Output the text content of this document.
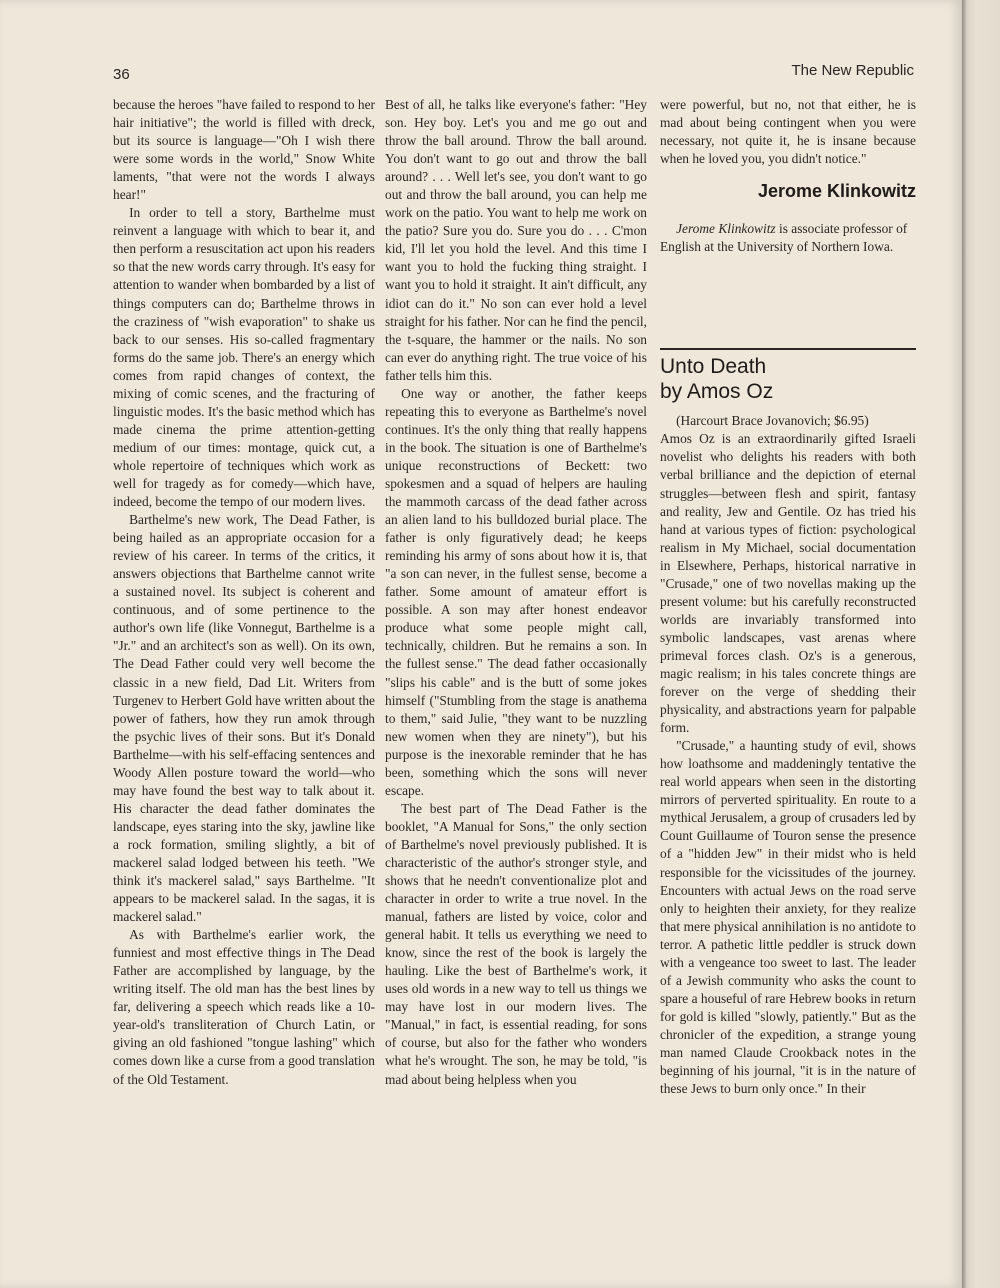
36	The New Republic

because the heroes "have failed to respond to her hair initiative"; the world is filled with dreck, but its source is language—"Oh I wish there were some words in the world," Snow White laments, "that were not the words I always hear!"

In order to tell a story, Barthelme must reinvent a language with which to bear it, and then perform a resuscitation act upon his readers so that the new words carry through. It's easy for attention to wander when bombarded by a list of things computers can do; Barthelme throws in the craziness of "wish evaporation" to shake us back to our senses. His so-called fragmentary forms do the same job. There's an energy which comes from rapid changes of context, the mixing of comic scenes, and the fracturing of linguistic modes. It's the basic method which has made cinema the prime attention-getting medium of our times: montage, quick cut, a whole repertoire of techniques which work as well for tragedy as for comedy—which have, indeed, become the tempo of our modern lives.

Barthelme's new work, The Dead Father, is being hailed as an appropriate occasion for a review of his career. In terms of the critics, it answers objections that Barthelme cannot write a sustained novel. Its subject is coherent and continuous, and of some pertinence to the author's own life (like Vonnegut, Barthelme is a "Jr." and an architect's son as well). On its own, The Dead Father could very well become the classic in a new field, Dad Lit. Writers from Turgenev to Herbert Gold have written about the power of fathers, how they run amok through the psychic lives of their sons. But it's Donald Barthelme—with his self-effacing sentences and Woody Allen posture toward the world—who may have found the best way to talk about it. His character the dead father dominates the landscape, eyes staring into the sky, jawline like a rock formation, smiling slightly, a bit of mackerel salad lodged between his teeth. "We think it's mackerel salad," says Barthelme. "It appears to be mackerel salad. In the sagas, it is mackerel salad."

As with Barthelme's earlier work, the funniest and most effective things in The Dead Father are accomplished by language, by the writing itself. The old man has the best lines by far, delivering a speech which reads like a 10-year-old's transliteration of Church Latin, or giving an old fashioned "tongue lashing" which comes down like a curse from a good translation of the Old Testament.

Best of all, he talks like everyone's father: "Hey son. Hey boy. Let's you and me go out and throw the ball around. Throw the ball around. You don't want to go out and throw the ball around? . . . Well let's see, you don't want to go out and throw the ball around, you can help me work on the patio. You want to help me work on the patio? Sure you do. Sure you do . . . C'mon kid, I'll let you hold the level. And this time I want you to hold the fucking thing straight. I want you to hold it straight. It ain't difficult, any idiot can do it." No son can ever hold a level straight for his father. Nor can he find the pencil, the t-square, the hammer or the nails. No son can ever do anything right. The true voice of his father tells him this.

One way or another, the father keeps repeating this to everyone as Barthelme's novel continues. It's the only thing that really happens in the book. The situation is one of Barthelme's unique reconstructions of Beckett: two spokesmen and a squad of helpers are hauling the mammoth carcass of the dead father across an alien land to his bulldozed burial place. The father is only figuratively dead; he keeps reminding his army of sons about how it is, that "a son can never, in the fullest sense, become a father. Some amount of amateur effort is possible. A son may after honest endeavor produce what some people might call, technically, children. But he remains a son. In the fullest sense." The dead father occasionally "slips his cable" and is the butt of some jokes himself ("Stumbling from the stage is anathema to them," said Julie, "they want to be nuzzling new women when they are ninety"), but his purpose is the inexorable reminder that he has been, something which the sons will never escape.

The best part of The Dead Father is the booklet, "A Manual for Sons," the only section of Barthelme's novel previously published. It is characteristic of the author's stronger style, and shows that he needn't conventionalize plot and character in order to write a true novel. In the manual, fathers are listed by voice, color and general habit. It tells us everything we need to know, since the rest of the book is largely the hauling. Like the best of Barthelme's work, it uses old words in a new way to tell us things we may have lost in our modern lives. The "Manual," in fact, is essential reading, for sons of course, but also for the father who wonders what he's wrought. The son, he may be told, "is mad about being helpless when you

were powerful, but no, not that either, he is mad about being contingent when you were necessary, not quite it, he is insane because when he loved you, you didn't notice."

Jerome Klinkowitz

Jerome Klinkowitz is associate professor of English at the University of Northern Iowa.

Unto Death
by Amos Oz

(Harcourt Brace Jovanovich; $6.95)

Amos Oz is an extraordinarily gifted Israeli novelist who delights his readers with both verbal brilliance and the depiction of eternal struggles—between flesh and spirit, fantasy and reality, Jew and Gentile. Oz has tried his hand at various types of fiction: psychological realism in My Michael, social documentation in Elsewhere, Perhaps, historical narrative in "Crusade," one of two novellas making up the present volume: but his carefully reconstructed worlds are invariably transformed into symbolic landscapes, vast arenas where primeval forces clash. Oz's is a generous, magic realism; in his tales concrete things are forever on the verge of shedding their physicality, and abstractions yearn for palpable form.

"Crusade," a haunting study of evil, shows how loathsome and maddeningly tentative the real world appears when seen in the distorting mirrors of perverted spirituality. En route to a mythical Jerusalem, a group of crusaders led by Count Guillaume of Touron sense the presence of a "hidden Jew" in their midst who is held responsible for the vicissitudes of the journey. Encounters with actual Jews on the road serve only to heighten their anxiety, for they realize that mere physical annihilation is no antidote to terror. A pathetic little peddler is struck down with a vengeance too sweet to last. The leader of a Jewish community who asks the count to spare a houseful of rare Hebrew books in return for gold is killed "slowly, patiently." But as the chronicler of the expedition, a strange young man named Claude Crookback notes in the beginning of his journal, "it is in the nature of these Jews to burn only once." In their
